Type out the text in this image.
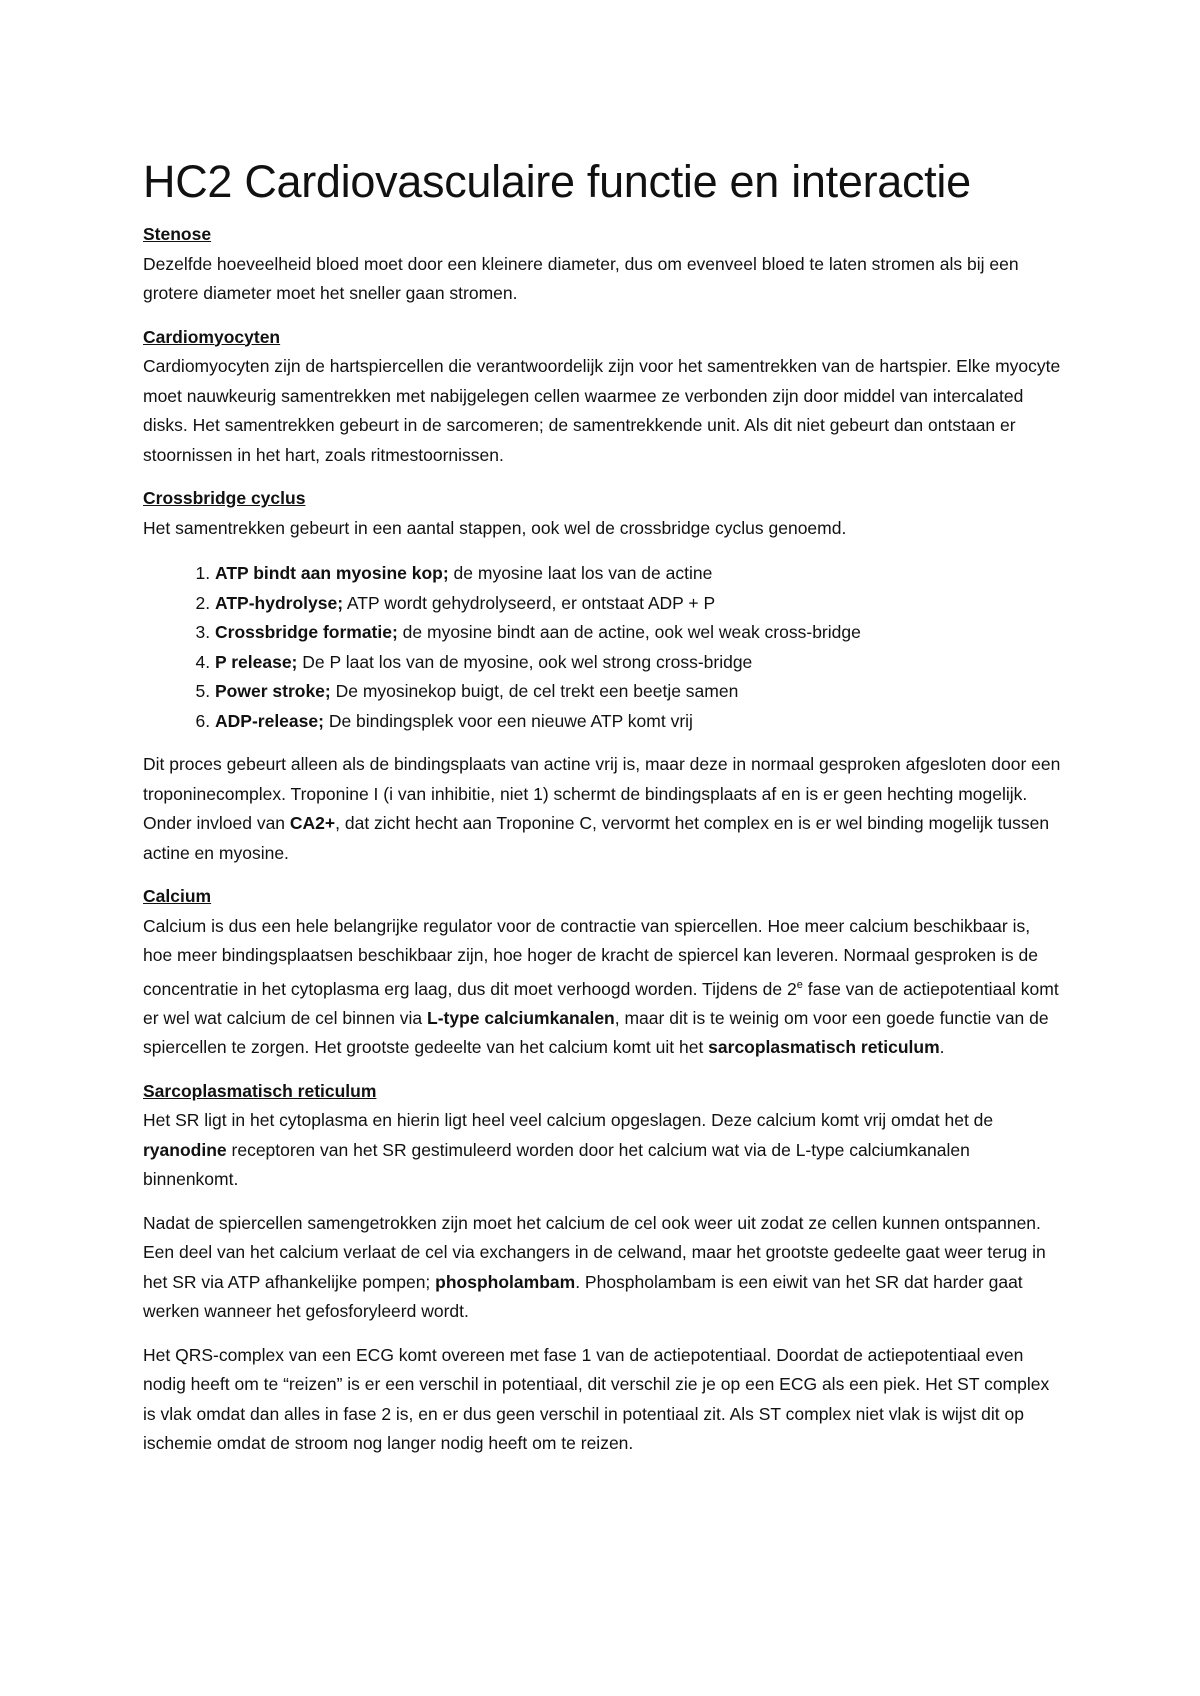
HC2 Cardiovasculaire functie en interactie
Stenose

Dezelfde hoeveelheid bloed moet door een kleinere diameter, dus om evenveel bloed te laten stromen als bij een grotere diameter moet het sneller gaan stromen.

Cardiomyocyten

Cardiomyocyten zijn de hartspiercellen die verantwoordelijk zijn voor het samentrekken van de hartspier. Elke myocyte moet nauwkeurig samentrekken met nabijgelegen cellen waarmee ze verbonden zijn door middel van intercalated disks. Het samentrekken gebeurt in de sarcomeren; de samentrekkende unit. Als dit niet gebeurt dan ontstaan er stoornissen in het hart, zoals ritmestoornissen.

Crossbridge cyclus

Het samentrekken gebeurt in een aantal stappen, ook wel de crossbridge cyclus genoemd.

1. ATP bindt aan myosine kop; de myosine laat los van de actine
2. ATP-hydrolyse; ATP wordt gehydrolyseerd, er ontstaat ADP + P
3. Crossbridge formatie; de myosine bindt aan de actine, ook wel weak cross-bridge
4. P release; De P laat los van de myosine, ook wel strong cross-bridge
5. Power stroke; De myosinekop buigt, de cel trekt een beetje samen
6. ADP-release; De bindingsplek voor een nieuwe ATP komt vrij

Dit proces gebeurt alleen als de bindingsplaats van actine vrij is, maar deze in normaal gesproken afgesloten door een troponinecomplex. Troponine I (i van inhibitie, niet 1) schermt de bindingsplaats af en is er geen hechting mogelijk. Onder invloed van CA2+, dat zicht hecht aan Troponine C, vervormt het complex en is er wel binding mogelijk tussen actine en myosine.

Calcium

Calcium is dus een hele belangrijke regulator voor de contractie van spiercellen. Hoe meer calcium beschikbaar is, hoe meer bindingsplaatsen beschikbaar zijn, hoe hoger de kracht de spiercel kan leveren. Normaal gesproken is de concentratie in het cytoplasma erg laag, dus dit moet verhoogd worden. Tijdens de 2e fase van de actiepotentiaal komt er wel wat calcium de cel binnen via L-type calciumkanalen, maar dit is te weinig om voor een goede functie van de spiercellen te zorgen. Het grootste gedeelte van het calcium komt uit het sarcoplasmatisch reticulum.

Sarcoplasmatisch reticulum

Het SR ligt in het cytoplasma en hierin ligt heel veel calcium opgeslagen. Deze calcium komt vrij omdat het de ryanodine receptoren van het SR gestimuleerd worden door het calcium wat via de L-type calciumkanalen binnenkomt.

Nadat de spiercellen samengetrokken zijn moet het calcium de cel ook weer uit zodat ze cellen kunnen ontspannen. Een deel van het calcium verlaat de cel via exchangers in de celwand, maar het grootste gedeelte gaat weer terug in het SR via ATP afhankelijke pompen; phospholambam. Phospholambam is een eiwit van het SR dat harder gaat werken wanneer het gefosforyleerd wordt.

Het QRS-complex van een ECG komt overeen met fase 1 van de actiepotentiaal. Doordat de actiepotentiaal even nodig heeft om te “reizen” is er een verschil in potentiaal, dit verschil zie je op een ECG als een piek. Het ST complex is vlak omdat dan alles in fase 2 is, en er dus geen verschil in potentiaal zit. Als ST complex niet vlak is wijst dit op ischemie omdat de stroom nog langer nodig heeft om te reizen.
